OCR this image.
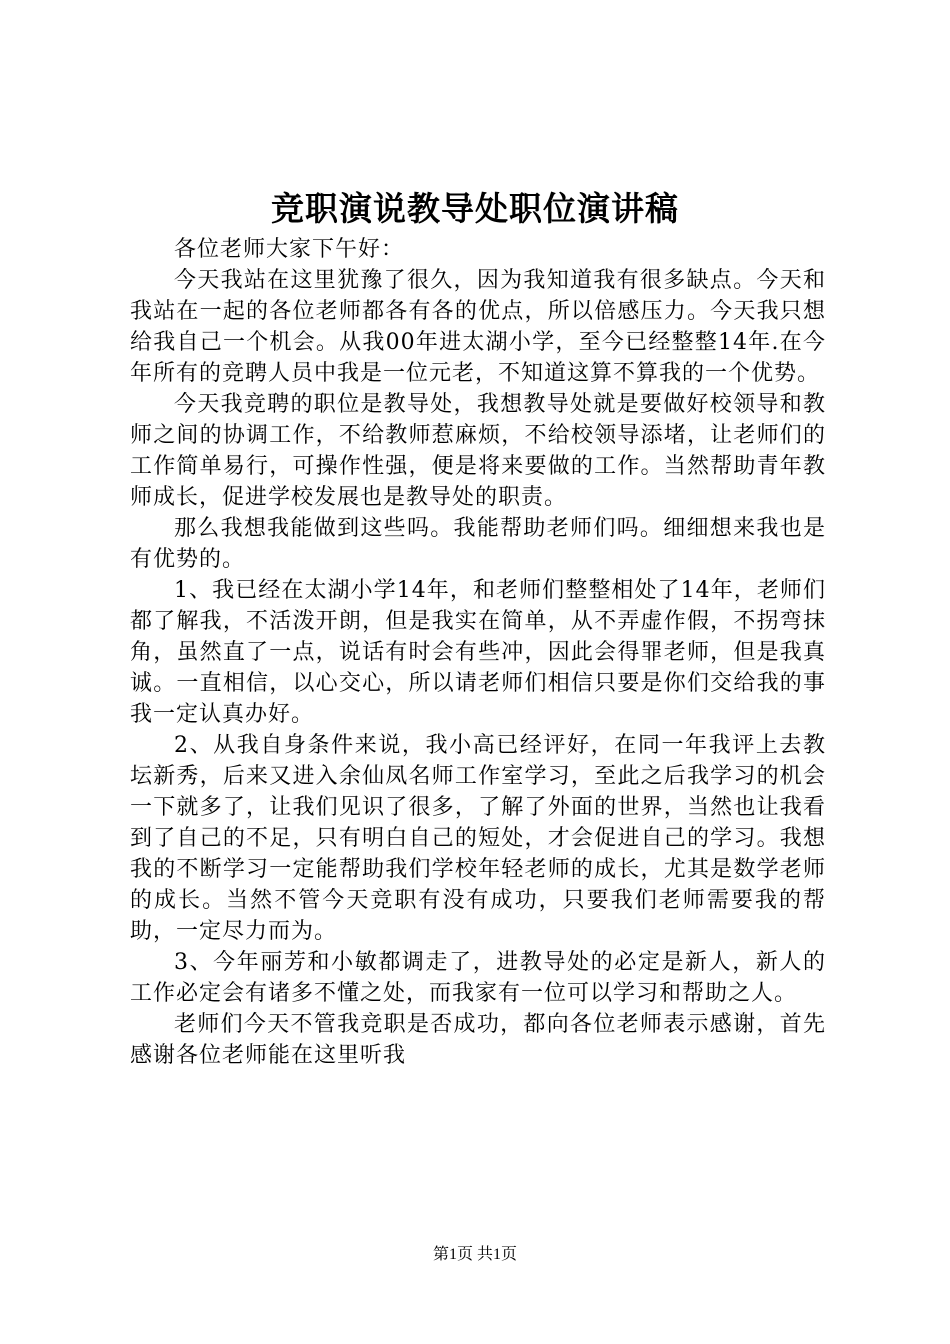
竞职演说教导处职位演讲稿

各位老师大家下午好：

今天我站在这里犹豫了很久，因为我知道我有很多缺点。今天和我站在一起的各位老师都各有各的优点，所以倍感压力。今天我只想给我自己一个机会。从我00年进太湖小学，至今已经整整14年.在今年所有的竞聘人员中我是一位元老，不知道这算不算我的一个优势。

今天我竞聘的职位是教导处，我想教导处就是要做好校领导和教师之间的协调工作，不给教师惹麻烦，不给校领导添堵，让老师们的工作简单易行，可操作性强，便是将来要做的工作。当然帮助青年教师成长，促进学校发展也是教导处的职责。

那么我想我能做到这些吗。我能帮助老师们吗。细细想来我也是有优势的。

1、我已经在太湖小学14年，和老师们整整相处了14年，老师们都了解我，不活泼开朗，但是我实在简单，从不弄虚作假，不拐弯抹角，虽然直了一点，说话有时会有些冲，因此会得罪老师，但是我真诚。一直相信，以心交心，所以请老师们相信只要是你们交给我的事我一定认真办好。

2、从我自身条件来说，我小高已经评好，在同一年我评上去教坛新秀，后来又进入余仙凤名师工作室学习，至此之后我学习的机会一下就多了，让我们见识了很多，了解了外面的世界，当然也让我看到了自己的不足，只有明白自己的短处，才会促进自己的学习。我想我的不断学习一定能帮助我们学校年轻老师的成长，尤其是数学老师的成长。当然不管今天竞职有没有成功，只要我们老师需要我的帮助，一定尽力而为。

3、今年丽芳和小敏都调走了，进教导处的必定是新人，新人的工作必定会有诸多不懂之处，而我家有一位可以学习和帮助之人。

老师们今天不管我竞职是否成功，都向各位老师表示感谢，首先感谢各位老师能在这里听我

第1页 共1页
